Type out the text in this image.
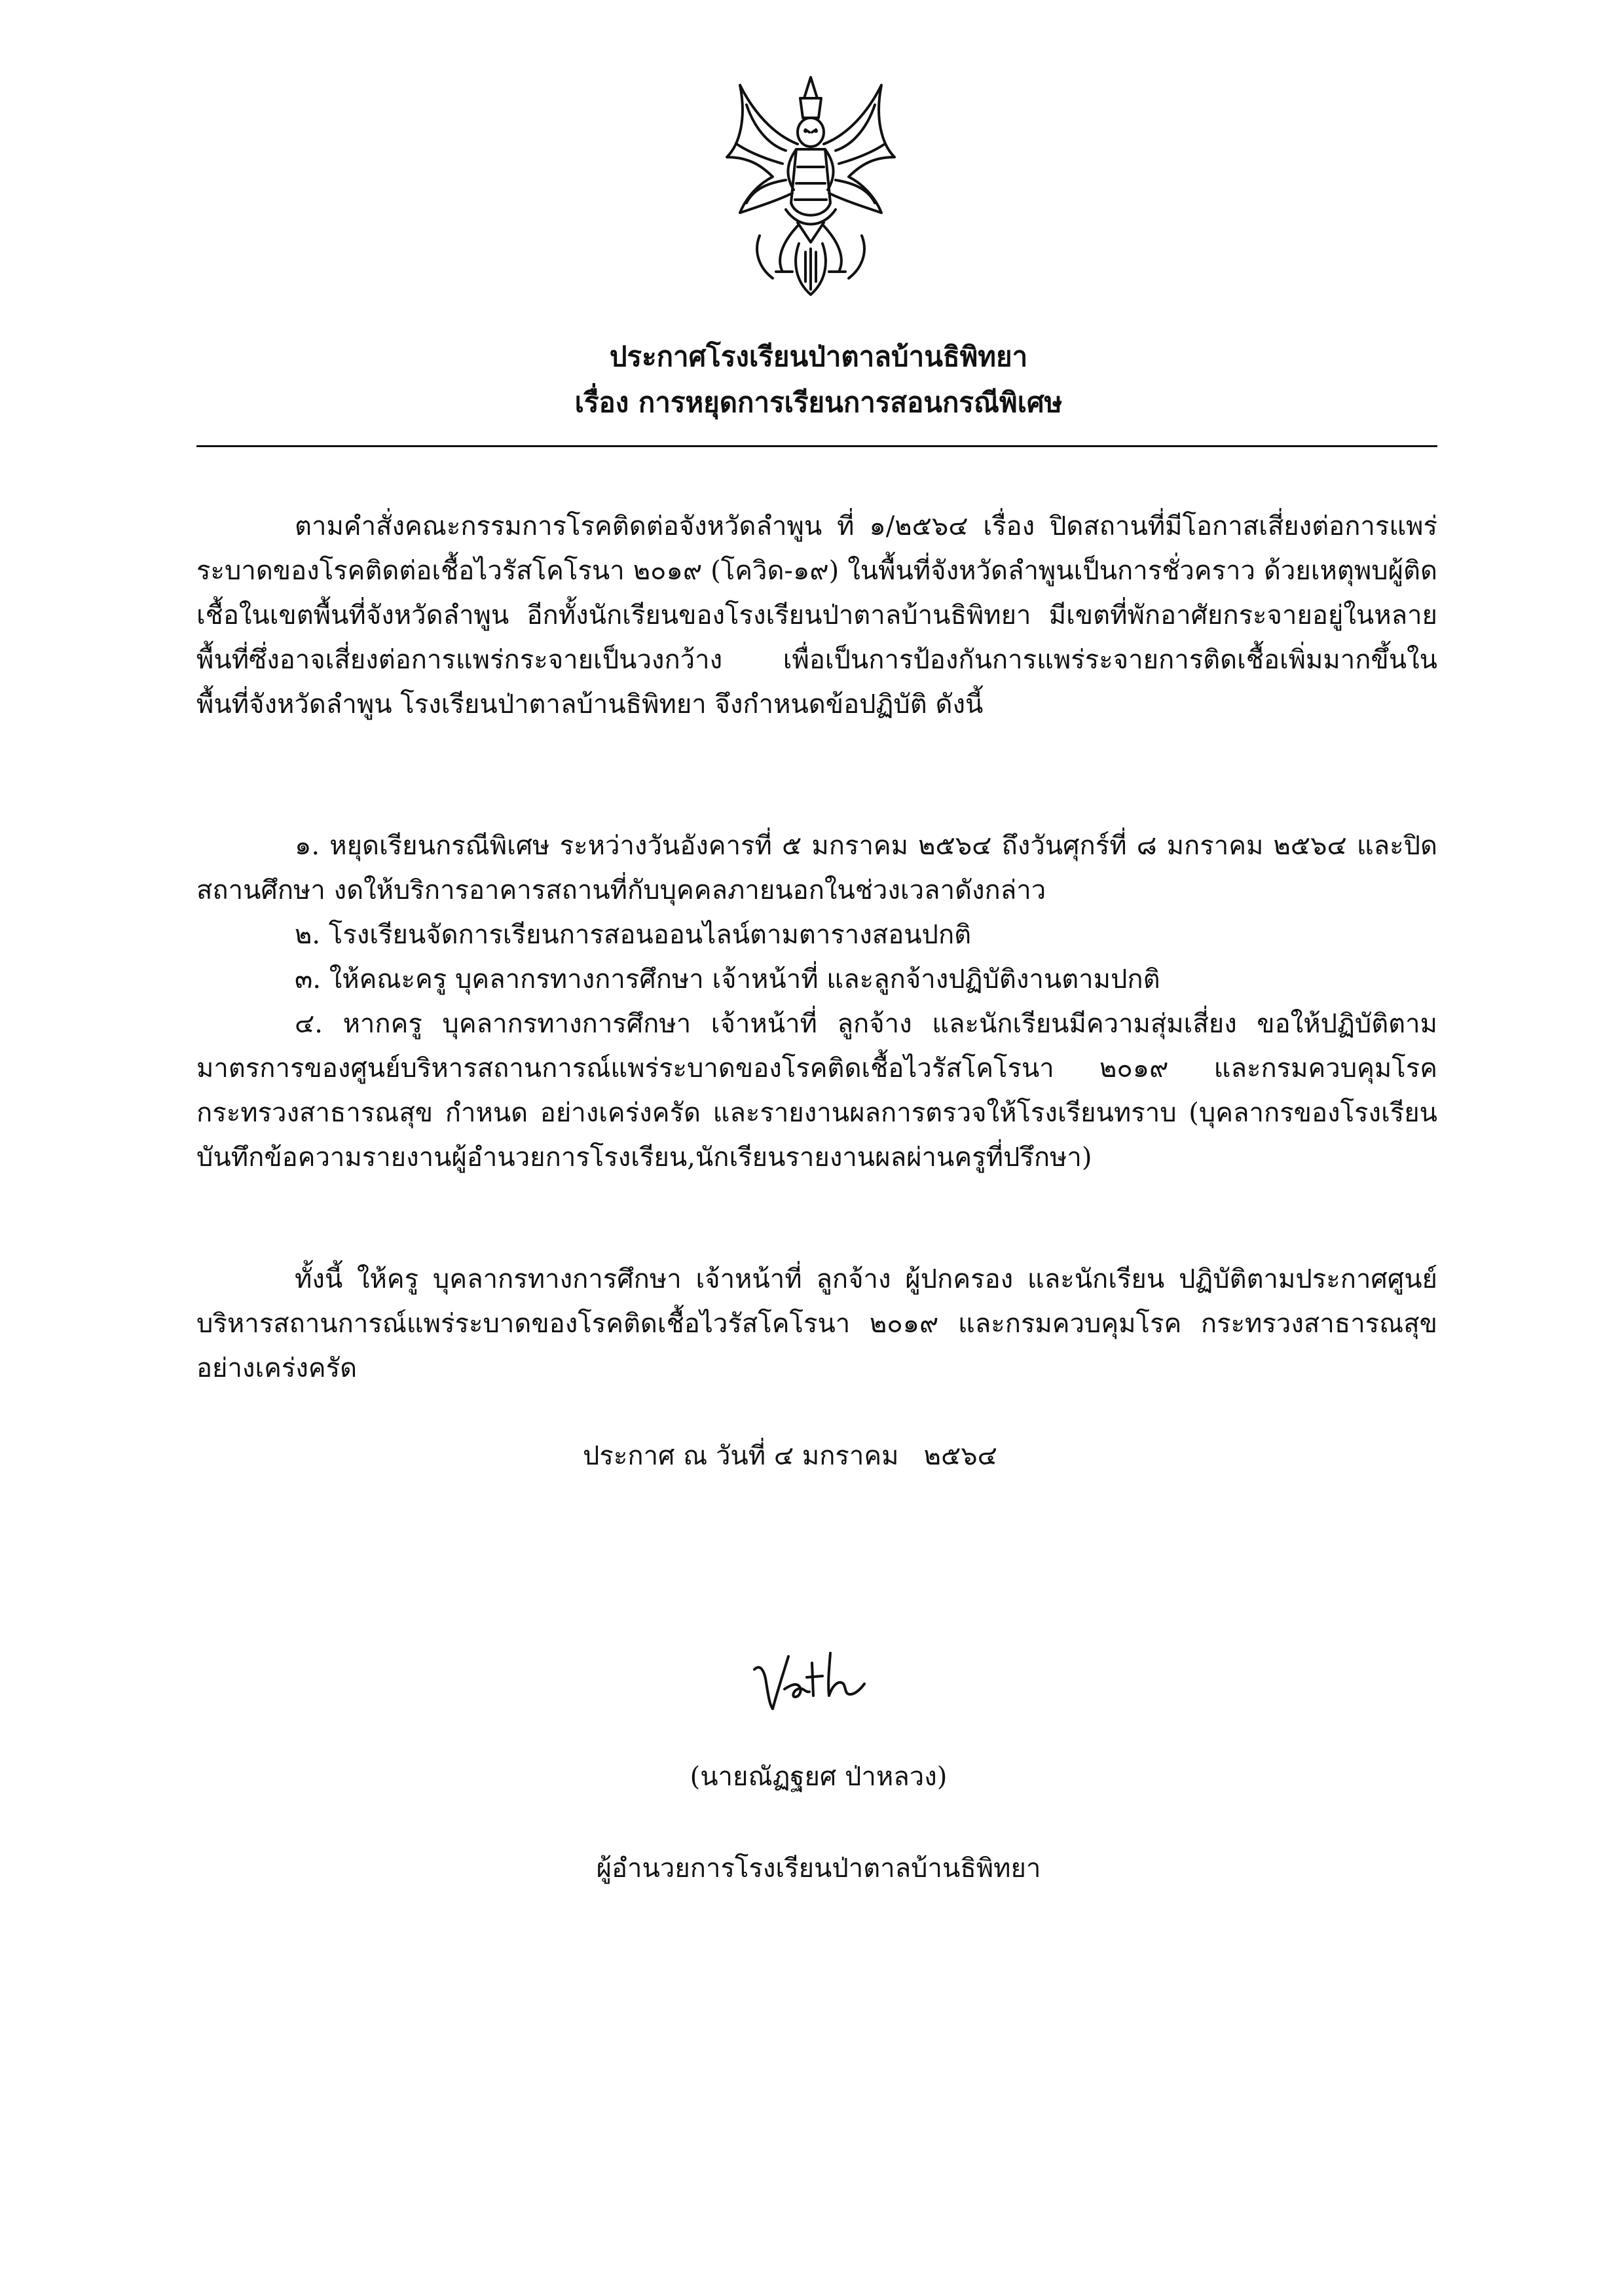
ประกาศโรงเรียนป่าตาลบ้านธิพิทยา
เรื่อง การหยุดการเรียนการสอนกรณีพิเศษ

ตามคำสั่งคณะกรรมการโรคติดต่อจังหวัดลำพูน ที่ ๑/๒๕๖๔ เรื่อง ปิดสถานที่มีโอกาสเสี่ยงต่อการแพร่ระบาดของโรคติดต่อเชื้อไวรัสโคโรนา ๒๐๑๙ (โควิด-๑๙) ในพื้นที่จังหวัดลำพูนเป็นการชั่วคราว ด้วยเหตุพบผู้ติดเชื้อในเขตพื้นที่จังหวัดลำพูน อีกทั้งนักเรียนของโรงเรียนป่าตาลบ้านธิพิทยา มีเขตที่พักอาศัยกระจายอยู่ในหลายพื้นที่ซึ่งอาจเสี่ยงต่อการแพร่กระจายเป็นวงกว้าง เพื่อเป็นการป้องกันการแพร่ระจายการติดเชื้อเพิ่มมากขึ้นในพื้นที่จังหวัดลำพูน โรงเรียนป่าตาลบ้านธิพิทยา จึงกำหนดข้อปฏิบัติ ดังนี้

๑. หยุดเรียนกรณีพิเศษ ระหว่างวันอังคารที่ ๕ มกราคม ๒๕๖๔ ถึงวันศุกร์ที่ ๘ มกราคม ๒๕๖๔ และปิดสถานศึกษา งดให้บริการอาคารสถานที่กับบุคคลภายนอกในช่วงเวลาดังกล่าว

๒. โรงเรียนจัดการเรียนการสอนออนไลน์ตามตารางสอนปกติ

๓. ให้คณะครู บุคลากรทางการศึกษา เจ้าหน้าที่ และลูกจ้างปฏิบัติงานตามปกติ

๔. หากครู บุคลากรทางการศึกษา เจ้าหน้าที่ ลูกจ้าง และนักเรียนมีความสุ่มเสี่ยง ขอให้ปฏิบัติตามมาตรการของศูนย์บริหารสถานการณ์แพร่ระบาดของโรคติดเชื้อไวรัสโคโรนา ๒๐๑๙ และกรมควบคุมโรค กระทรวงสาธารณสุข กำหนด อย่างเคร่งครัด และรายงานผลการตรวจให้โรงเรียนทราบ (บุคลากรของโรงเรียนบันทึกข้อความรายงานผู้อำนวยการโรงเรียน,นักเรียนรายงานผลผ่านครูที่ปรึกษา)

ทั้งนี้ ให้ครู บุคลากรทางการศึกษา เจ้าหน้าที่ ลูกจ้าง ผู้ปกครอง และนักเรียน ปฏิบัติตามประกาศศูนย์บริหารสถานการณ์แพร่ระบาดของโรคติดเชื้อไวรัสโคโรนา ๒๐๑๙ และกรมควบคุมโรค กระทรวงสาธารณสุข อย่างเคร่งครัด

ประกาศ ณ วันที่ ๔ มกราคม   ๒๕๖๔
(นายณัฏฐยศ ป่าหลวง)
ผู้อำนวยการโรงเรียนป่าตาลบ้านธิพิทยา
